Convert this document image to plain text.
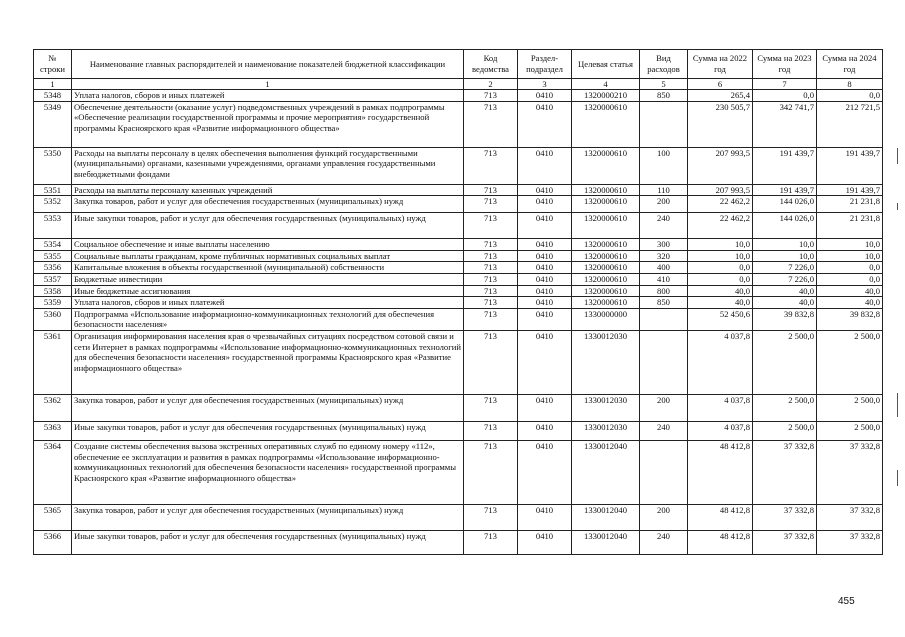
№ строки	Наименование главных распорядителей и наименование показателей бюджетной классификации	Код ведомства	Раздел-подраздел	Целевая статья	Вид расходов	Сумма на 2022 год	Сумма на 2023 год	Сумма на 2024 год
1	1	2	3	4	5	6	7	8
5348	Уплата налогов, сборов и иных платежей	713	0410	1320000210	850	265,4	0,0	0,0
5349	Обеспечение деятельности (оказание услуг) подведомственных учреждений в рамках подпрограммы «Обеспечение реализации государственной программы и прочие мероприятия» государственной программы Красноярского края «Развитие информационного общества»	713	0410	1320000610		230 505,7	342 741,7	212 721,5
5350	Расходы на выплаты персоналу в целях обеспечения выполнения функций государственными (муниципальными) органами, казенными учреждениями, органами управления государственными внебюджетными фондами	713	0410	1320000610	100	207 993,5	191 439,7	191 439,7
5351	Расходы на выплаты персоналу казенных учреждений	713	0410	1320000610	110	207 993,5	191 439,7	191 439,7
5352	Закупка товаров, работ и услуг для обеспечения государственных (муниципальных) нужд	713	0410	1320000610	200	22 462,2	144 026,0	21 231,8
5353	Иные закупки товаров, работ и услуг для обеспечения государственных (муниципальных) нужд	713	0410	1320000610	240	22 462,2	144 026,0	21 231,8
5354	Социальное обеспечение и иные выплаты населению	713	0410	1320000610	300	10,0	10,0	10,0
5355	Социальные выплаты гражданам, кроме публичных нормативных социальных выплат	713	0410	1320000610	320	10,0	10,0	10,0
5356	Капитальные вложения в объекты государственной (муниципальной) собственности	713	0410	1320000610	400	0,0	7 226,0	0,0
5357	Бюджетные инвестиции	713	0410	1320000610	410	0,0	7 226,0	0,0
5358	Иные бюджетные ассигнования	713	0410	1320000610	800	40,0	40,0	40,0
5359	Уплата налогов, сборов и иных платежей	713	0410	1320000610	850	40,0	40,0	40,0
5360	Подпрограмма «Использование информационно-коммуникационных технологий для обеспечения безопасности населения»	713	0410	1330000000		52 450,6	39 832,8	39 832,8
5361	Организация информирования населения края о чрезвычайных ситуациях посредством сотовой связи и сети Интернет в рамках подпрограммы «Использование информационно-коммуникационных технологий для обеспечения безопасности населения» государственной программы Красноярского края «Развитие информационного общества»	713	0410	1330012030		4 037,8	2 500,0	2 500,0
5362	Закупка товаров, работ и услуг для обеспечения государственных (муниципальных) нужд	713	0410	1330012030	200	4 037,8	2 500,0	2 500,0
5363	Иные закупки товаров, работ и услуг для обеспечения государственных (муниципальных) нужд	713	0410	1330012030	240	4 037,8	2 500,0	2 500,0
5364	Создание системы обеспечения вызова экстренных оперативных служб по единому номеру «112», обеспечение ее эксплуатации и развития в рамках подпрограммы «Использование информационно-коммуникационных технологий для обеспечения безопасности населения» государственной программы Красноярского края «Развитие информационного общества»	713	0410	1330012040		48 412,8	37 332,8	37 332,8
5365	Закупка товаров, работ и услуг для обеспечения государственных (муниципальных) нужд	713	0410	1330012040	200	48 412,8	37 332,8	37 332,8
5366	Иные закупки товаров, работ и услуг для обеспечения государственных (муниципальных) нужд	713	0410	1330012040	240	48 412,8	37 332,8	37 332,8
455
